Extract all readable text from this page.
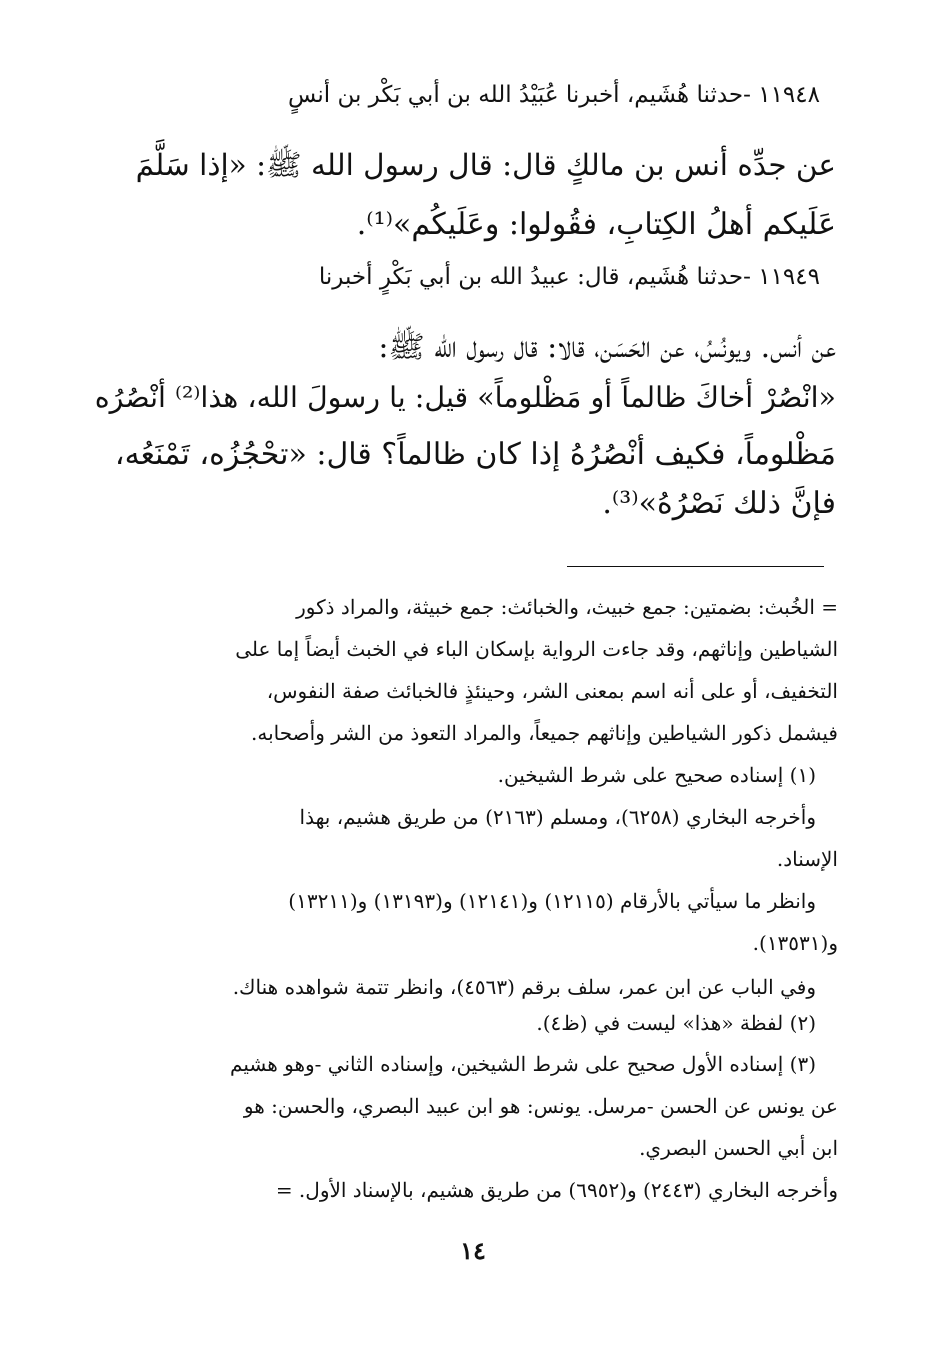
١١٩٤٨ -حدثنا هُشَيم، أخبرنا عُبَيْدُ الله بن أبي بَكْر بن أنسٍ
عن جدِّه أنس بن مالكٍ قال: قال رسول الله ﷺ: «إذا سَلَّمَ
عَلَيكم أهلُ الكِتابِ، فقُولوا: وعَلَيكُم»⁽¹⁾.
١١٩٤٩ -حدثنا هُشَيم، قال: عبيدُ الله بن أبي بَكْرٍ أخبرنا
عن أنس. ويونُسُ، عن الحَسَن، قالا: قال رسول الله ﷺ:
«انْصُرْ أخاكَ ظالماً أو مَظْلوماً» قيل: يا رسولَ الله، هذا⁽²⁾ أنْصُرُه
مَظْلوماً، فكيف أنْصُرُهُ إذا كان ظالماً؟ قال: «تحْجُزُه، تَمْنَعُه،
فإنَّ ذلك نَصْرُهُ»⁽³⁾.
= الخُبث: بضمتين: جمع خبيث، والخبائث: جمع خبيثة، والمراد ذكور
الشياطين وإناثهم، وقد جاءت الرواية بإسكان الباء في الخبث أيضاً إما على
التخفيف، أو على أنه اسم بمعنى الشر، وحينئذٍ فالخبائث صفة النفوس،
فيشمل ذكور الشياطين وإناثهم جميعاً، والمراد التعوذ من الشر وأصحابه.
(١) إسناده صحيح على شرط الشيخين.
وأخرجه البخاري (٦٢٥٨)، ومسلم (٢١٦٣) من طريق هشيم، بهذا
الإسناد.
وانظر ما سيأتي بالأرقام (١٢١١٥) و(١٢١٤١) و(١٣١٩٣) و(١٣٢١١)
و(١٣٥٣١).
وفي الباب عن ابن عمر، سلف برقم (٤٥٦٣)، وانظر تتمة شواهده هناك.
(٢) لفظة «هذا» ليست في (ظ٤).
(٣) إسناده الأول صحيح على شرط الشيخين، وإسناده الثاني -وهو هشيم
عن يونس عن الحسن -مرسل. يونس: هو ابن عبيد البصري، والحسن: هو
ابن أبي الحسن البصري.
وأخرجه البخاري (٢٤٤٣) و(٦٩٥٢) من طريق هشيم، بالإسناد الأول. =
١٤
